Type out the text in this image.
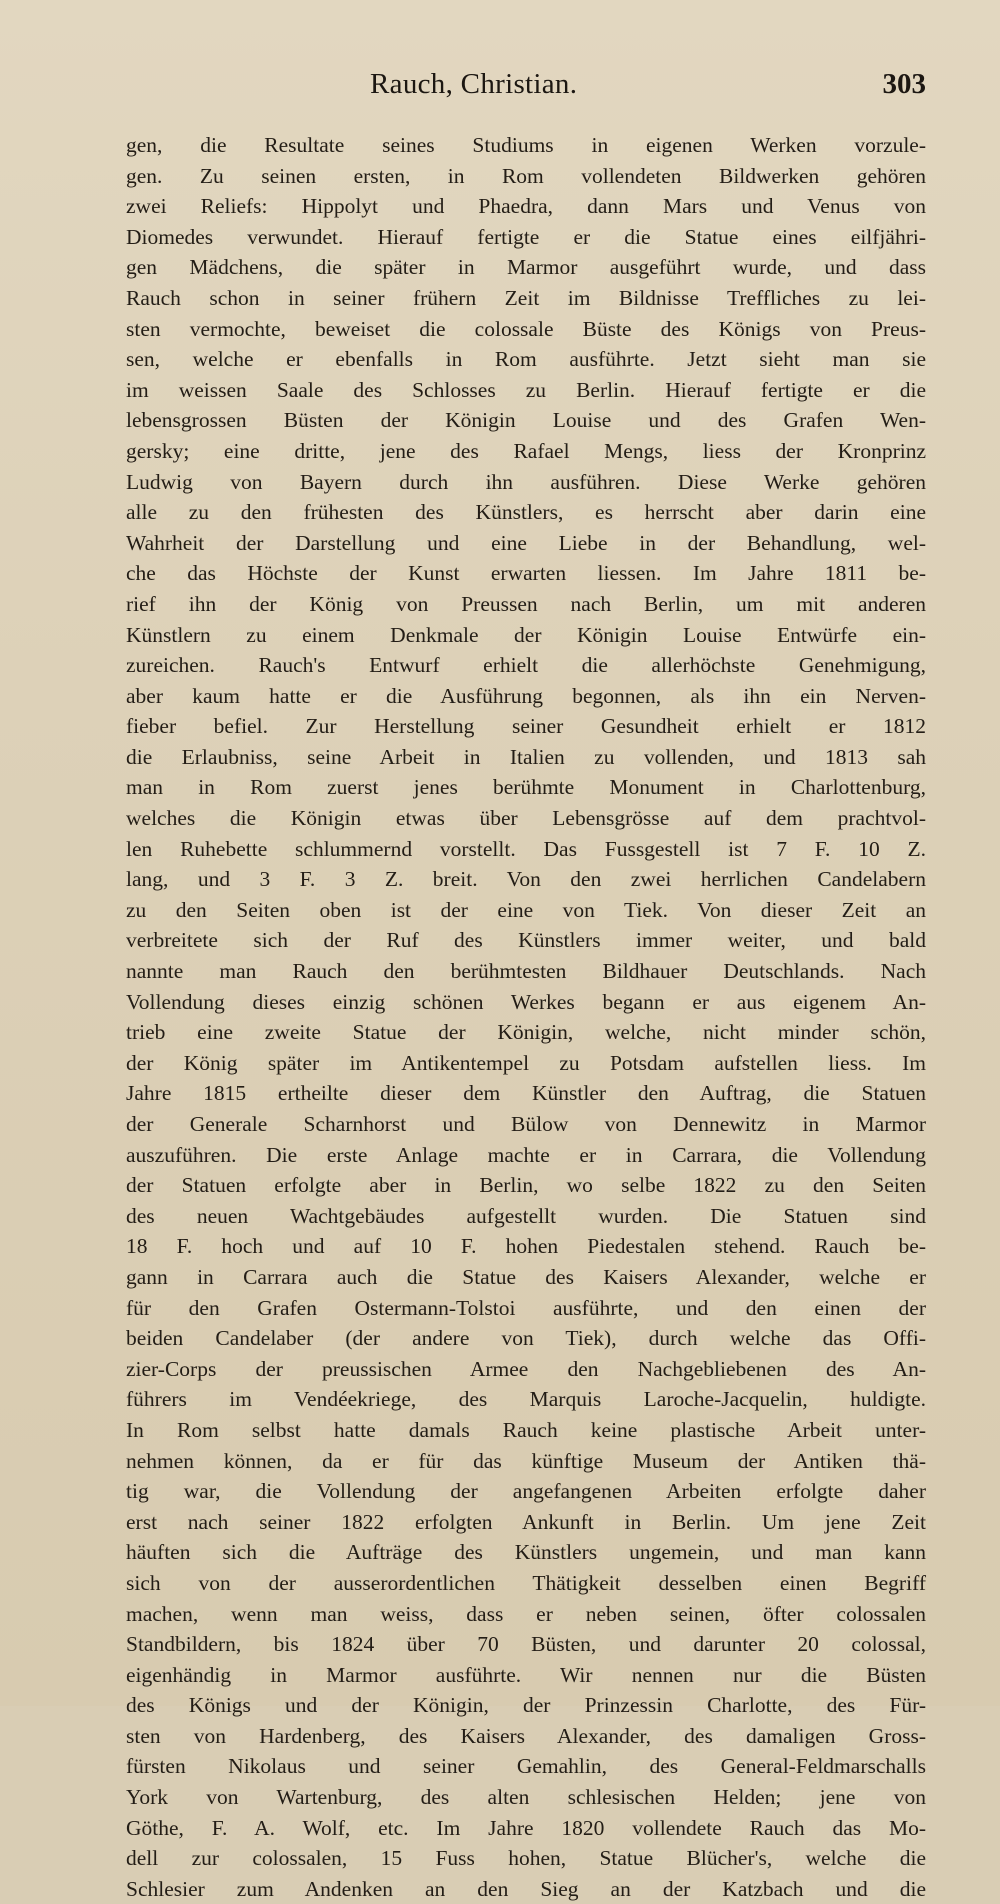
Rauch, Christian.	303
gen, die Resultate seines Studiums in eigenen Werken vorzule-
gen. Zu seinen ersten, in Rom vollendeten Bildwerken gehören
zwei Reliefs: Hippolyt und Phaedra, dann Mars und Venus von
Diomedes verwundet. Hierauf fertigte er die Statue eines eilfjähri-
gen Mädchens, die später in Marmor ausgeführt wurde, und dass
Rauch schon in seiner frühern Zeit im Bildnisse Treffliches zu lei-
sten vermochte, beweiset die colossale Büste des Königs von Preus-
sen, welche er ebenfalls in Rom ausführte. Jetzt sieht man sie
im weissen Saale des Schlosses zu Berlin. Hierauf fertigte er die
lebensgrossen Büsten der Königin Louise und des Grafen Wen-
gersky; eine dritte, jene des Rafael Mengs, liess der Kronprinz
Ludwig von Bayern durch ihn ausführen. Diese Werke gehören
alle zu den frühesten des Künstlers, es herrscht aber darin eine
Wahrheit der Darstellung und eine Liebe in der Behandlung, wel-
che das Höchste der Kunst erwarten liessen. Im Jahre 1811 be-
rief ihn der König von Preussen nach Berlin, um mit anderen
Künstlern zu einem Denkmale der Königin Louise Entwürfe ein-
zureichen. Rauch's Entwurf erhielt die allerhöchste Genehmigung,
aber kaum hatte er die Ausführung begonnen, als ihn ein Nerven-
fieber befiel. Zur Herstellung seiner Gesundheit erhielt er 1812
die Erlaubniss, seine Arbeit in Italien zu vollenden, und 1813 sah
man in Rom zuerst jenes berühmte Monument in Charlottenburg,
welches die Königin etwas über Lebensgrösse auf dem prachtvol-
len Ruhebette schlummernd vorstellt. Das Fussgestell ist 7 F. 10 Z.
lang, und 3 F. 3 Z. breit. Von den zwei herrlichen Candelabern
zu den Seiten oben ist der eine von Tiek. Von dieser Zeit an
verbreitete sich der Ruf des Künstlers immer weiter, und bald
nannte man Rauch den berühmtesten Bildhauer Deutschlands. Nach
Vollendung dieses einzig schönen Werkes begann er aus eigenem An-
trieb eine zweite Statue der Königin, welche, nicht minder schön,
der König später im Antikentempel zu Potsdam aufstellen liess. Im
Jahre 1815 ertheilte dieser dem Künstler den Auftrag, die Statuen
der Generale Scharnhorst und Bülow von Dennewitz in Marmor
auszuführen. Die erste Anlage machte er in Carrara, die Vollendung
der Statuen erfolgte aber in Berlin, wo selbe 1822 zu den Seiten
des neuen Wachtgebäudes aufgestellt wurden. Die Statuen sind
18 F. hoch und auf 10 F. hohen Piedestalen stehend. Rauch be-
gann in Carrara auch die Statue des Kaisers Alexander, welche er
für den Grafen Ostermann-Tolstoi ausführte, und den einen der
beiden Candelaber (der andere von Tiek), durch welche das Offi-
zier-Corps der preussischen Armee den Nachgebliebenen des An-
führers im Vendéekriege, des Marquis Laroche-Jacquelin, huldigte.
In Rom selbst hatte damals Rauch keine plastische Arbeit unter-
nehmen können, da er für das künftige Museum der Antiken thä-
tig war, die Vollendung der angefangenen Arbeiten erfolgte daher
erst nach seiner 1822 erfolgten Ankunft in Berlin. Um jene Zeit
häuften sich die Aufträge des Künstlers ungemein, und man kann
sich von der ausserordentlichen Thätigkeit desselben einen Begriff
machen, wenn man weiss, dass er neben seinen, öfter colossalen
Standbildern, bis 1824 über 70 Büsten, und darunter 20 colossal,
eigenhändig in Marmor ausführte. Wir nennen nur die Büsten
des Königs und der Königin, der Prinzessin Charlotte, des Für-
sten von Hardenberg, des Kaisers Alexander, des damaligen Gross-
fürsten Nikolaus und seiner Gemahlin, des General-Feldmarschalls
York von Wartenburg, des alten schlesischen Helden; jene von
Göthe, F. A. Wolf, etc. Im Jahre 1820 vollendete Rauch das Mo-
dell zur colossalen, 15 Fuss hohen, Statue Blücher's, welche die
Schlesier zum Andenken an den Sieg an der Katzbach und die
